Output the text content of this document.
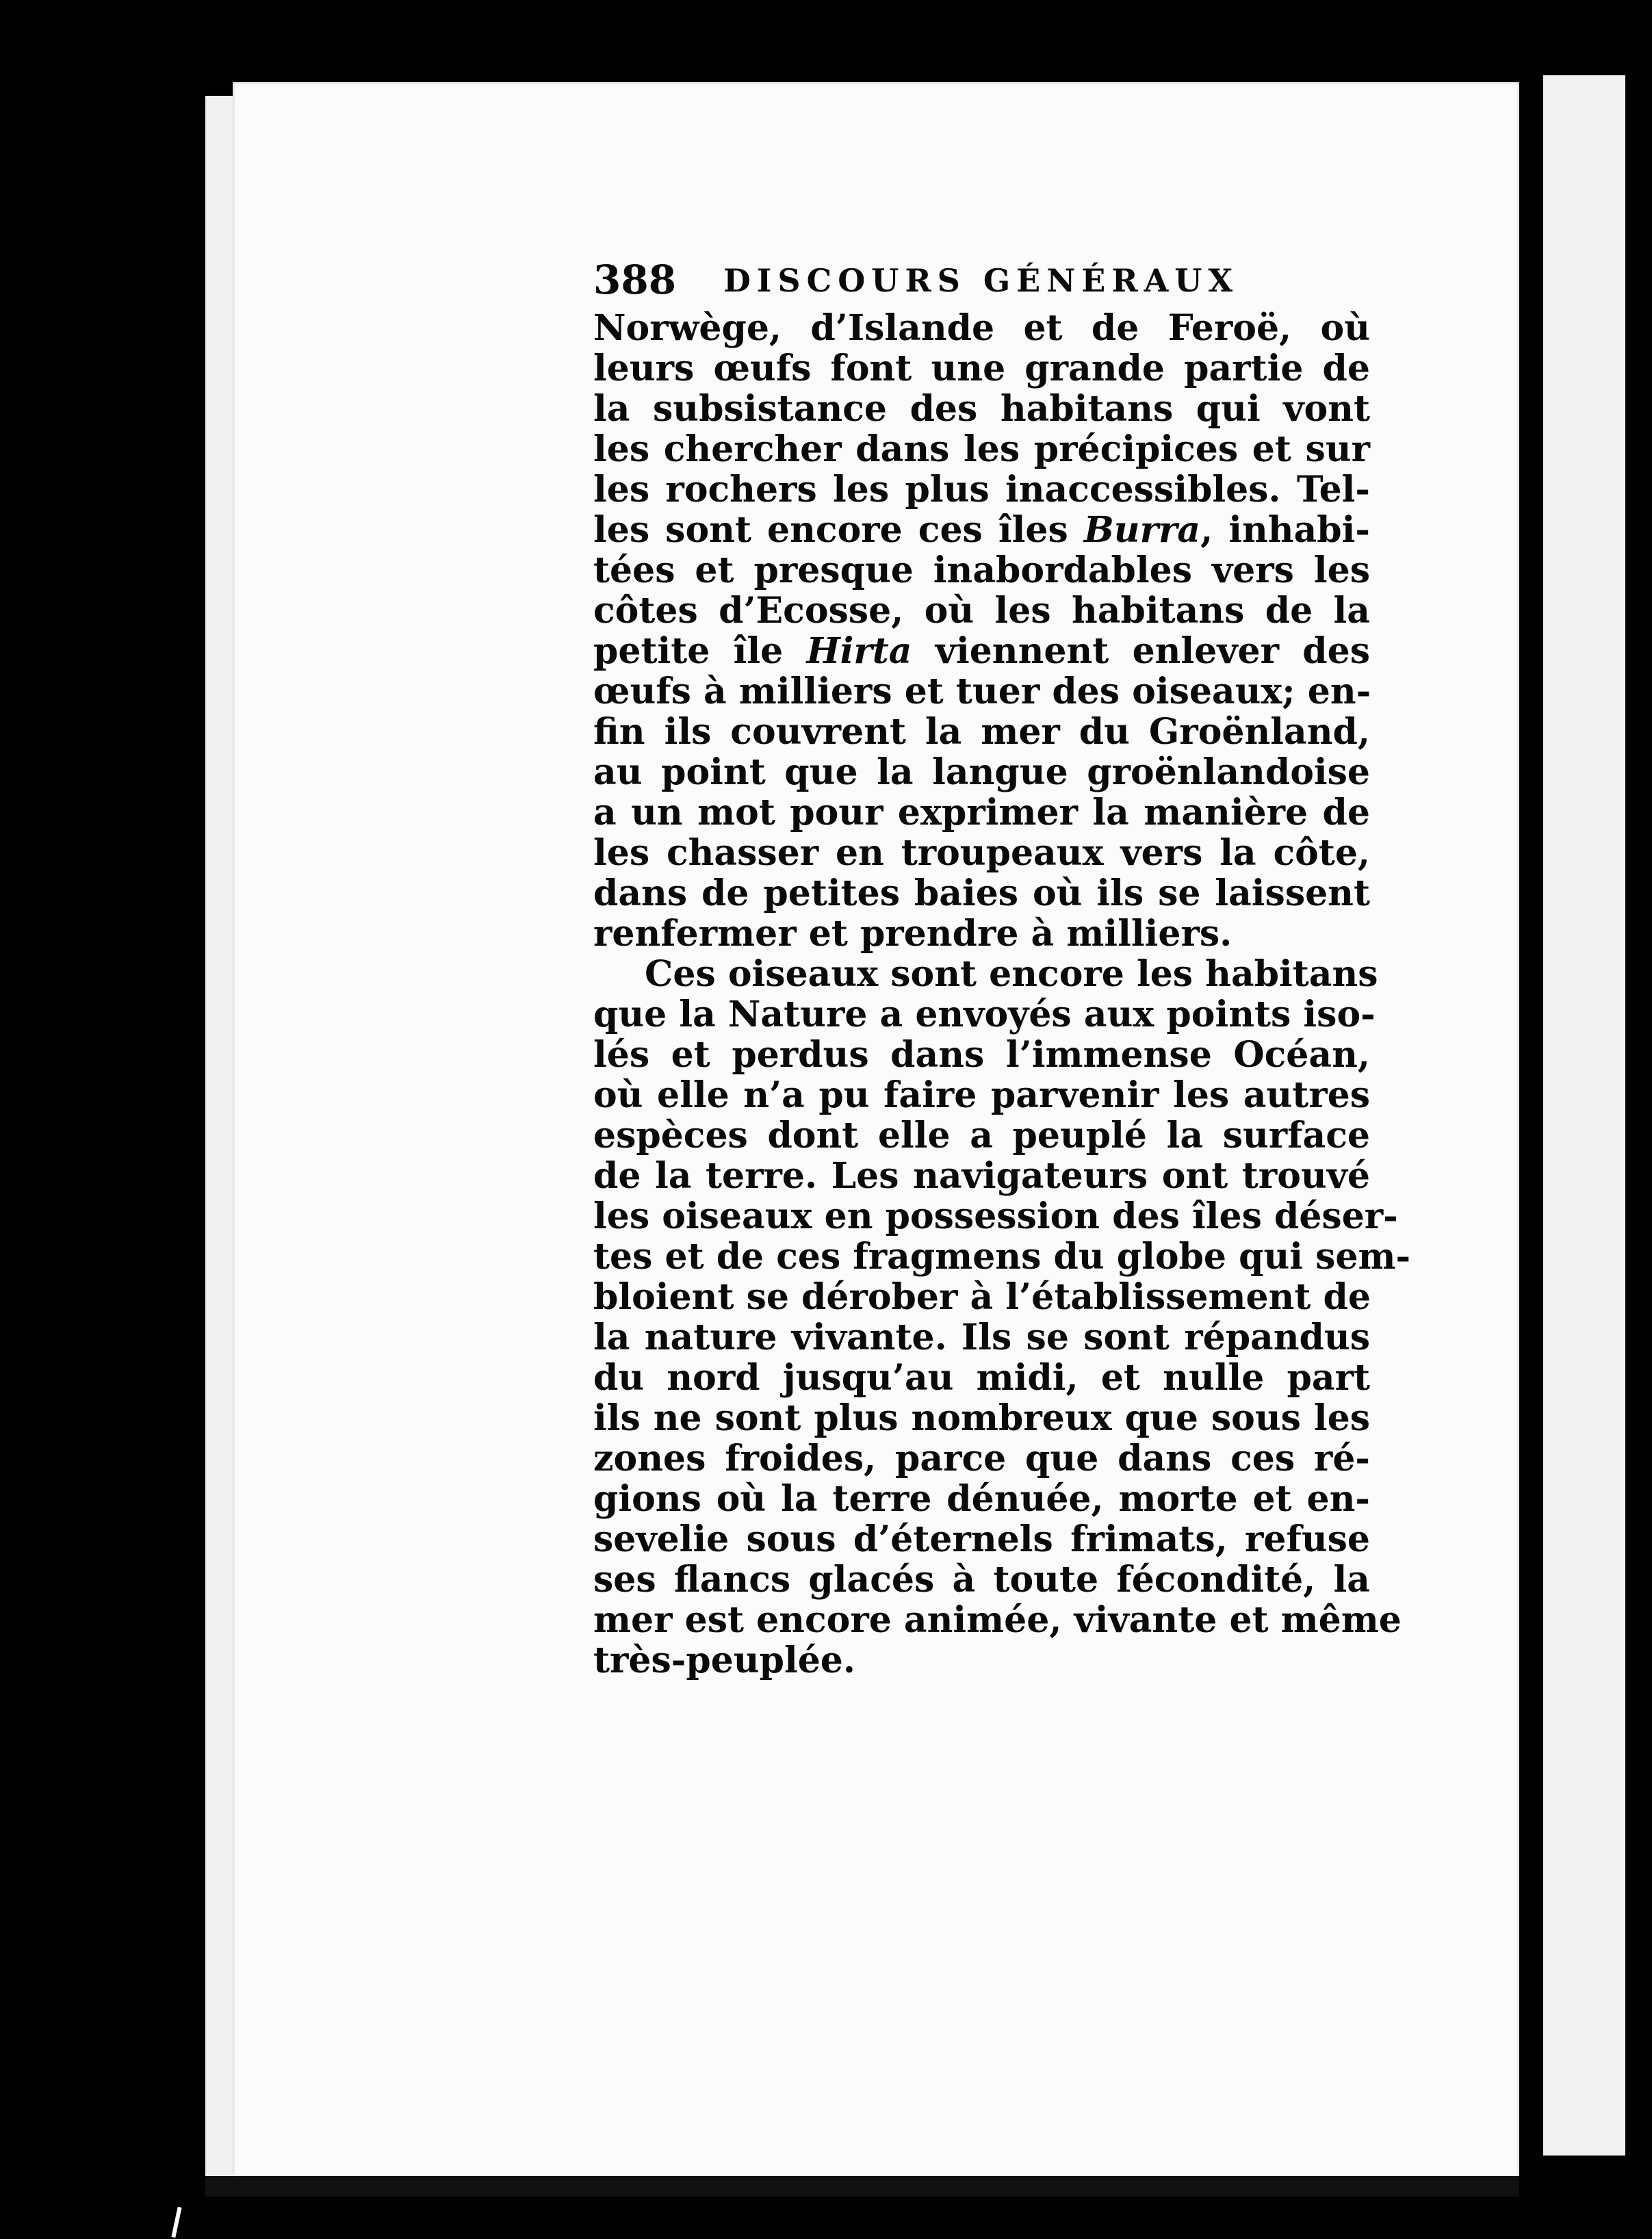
388 DISCOURS GÉNÉRAUX
Norwège, d’Islande et de Feroë, où
leurs œufs font une grande partie de
la subsistance des habitans qui vont
les chercher dans les précipices et sur
les rochers les plus inaccessibles. Tel-
les sont encore ces îles Burra, inhabi-
tées et presque inabordables vers les
côtes d’Ecosse, où les habitans de la
petite île Hirta viennent enlever des
œufs à milliers et tuer des oiseaux; en-
fin ils couvrent la mer du Groënland,
au point que la langue groënlandoise
a un mot pour exprimer la manière de
les chasser en troupeaux vers la côte,
dans de petites baies où ils se laissent
renfermer et prendre à milliers.
Ces oiseaux sont encore les habitans
que la Nature a envoyés aux points iso-
lés et perdus dans l’immense Océan,
où elle n’a pu faire parvenir les autres
espèces dont elle a peuplé la surface
de la terre. Les navigateurs ont trouvé
les oiseaux en possession des îles déser-
tes et de ces fragmens du globe qui sem-
bloient se dérober à l’établissement de
la nature vivante. Ils se sont répandus
du nord jusqu’au midi, et nulle part
ils ne sont plus nombreux que sous les
zones froides, parce que dans ces ré-
gions où la terre dénuée, morte et en-
sevelie sous d’éternels frimats, refuse
ses flancs glacés à toute fécondité, la
mer est encore animée, vivante et même
très-peuplée.
